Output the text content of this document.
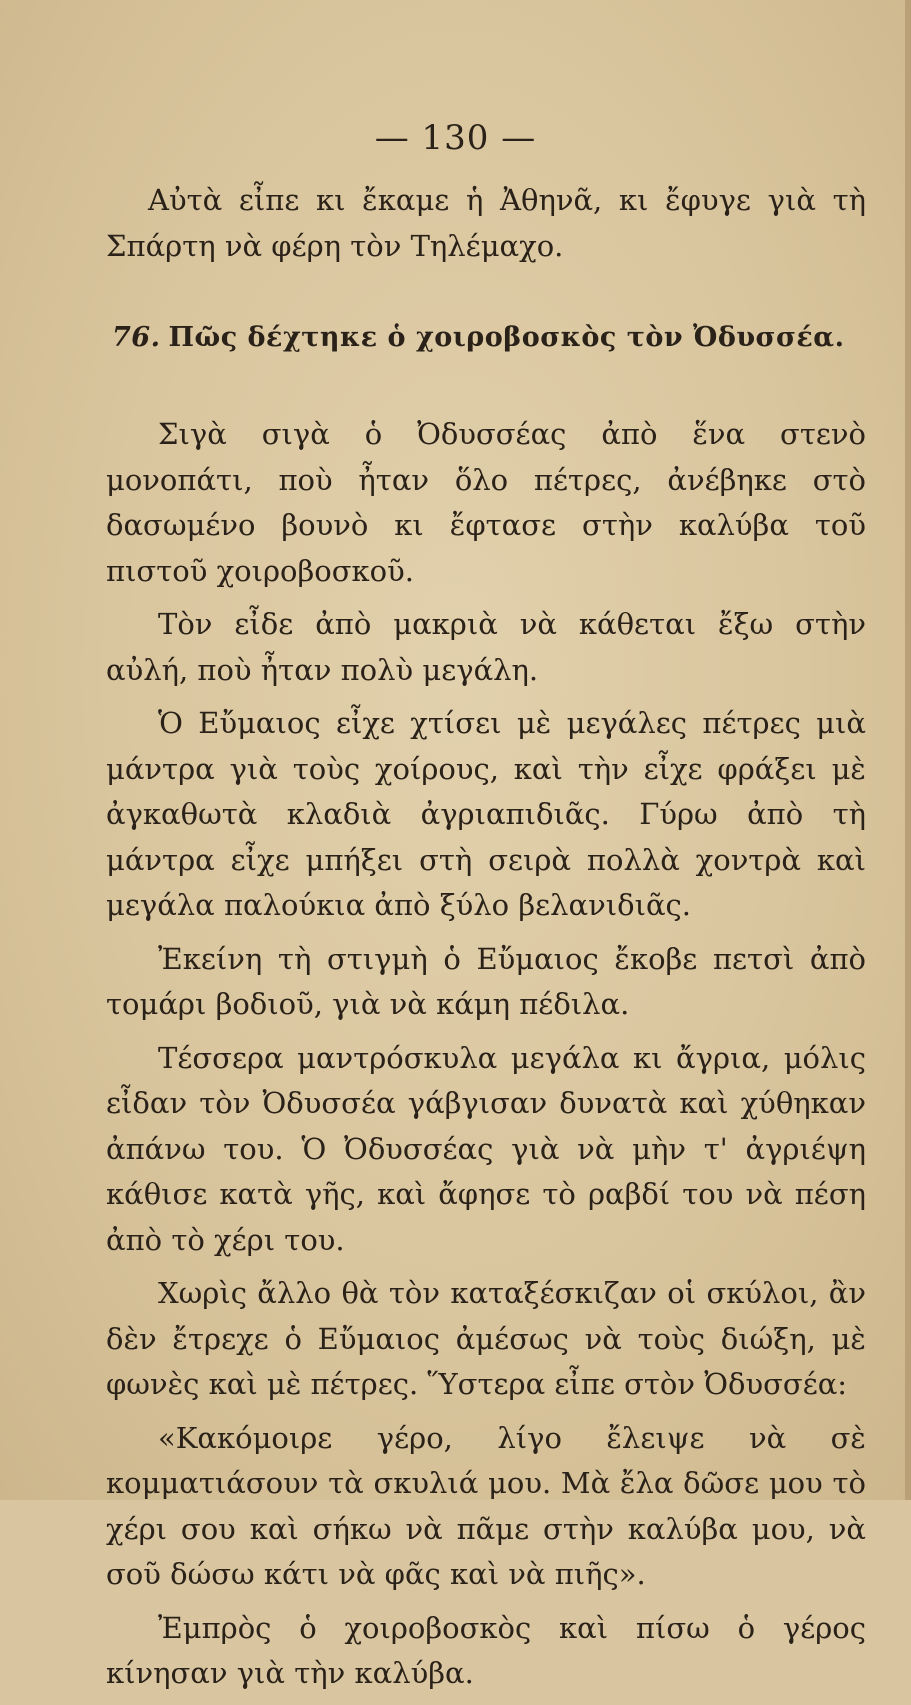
— 130 —
Αὐτὰ εἶπε κι ἔκαμε ἡ Ἀθηνᾶ, κι ἔφυγε γιὰ τὴ Σπάρτη νὰ φέρη τὸν Τηλέμαχο.
76. Πῶς δέχτηκε ὁ χοιροβοσκὸς τὸν Ὀδυσσέα.

Σιγὰ σιγὰ ὁ Ὀδυσσέας ἀπὸ ἕνα στενὸ μονοπάτι, ποὺ ἦταν ὅλο πέτρες, ἀνέβηκε στὸ δασωμένο βουνὸ κι ἔφτασε στὴν καλύβα τοῦ πιστοῦ χοιροβοσκοῦ.

Τὸν εἶδε ἀπὸ μακριὰ νὰ κάθεται ἔξω στὴν αὐλή, ποὺ ἦταν πολὺ μεγάλη.

Ὁ Εὔμαιος εἶχε χτίσει μὲ μεγάλες πέτρες μιὰ μάντρα γιὰ τοὺς χοίρους, καὶ τὴν εἶχε φράξει μὲ ἀγκαθωτὰ κλαδιὰ ἀγριαπιδιᾶς. Γύρω ἀπὸ τὴ μάντρα εἶχε μπήξει στὴ σειρὰ πολλὰ χοντρὰ καὶ μεγάλα παλούκια ἀπὸ ξύλο βελανιδιᾶς.

Ἐκείνη τὴ στιγμὴ ὁ Εὔμαιος ἔκοβε πετσὶ ἀπὸ τομάρι βοδιοῦ, γιὰ νὰ κάμη πέδιλα.

Τέσσερα μαντρόσκυλα μεγάλα κι ἄγρια, μόλις εἶδαν τὸν Ὀδυσσέα γάβγισαν δυνατὰ καὶ χύθηκαν ἀπάνω του. Ὁ Ὀδυσσέας γιὰ νὰ μὴν τ' ἀγριέψη κάθισε κατὰ γῆς, καὶ ἄφησε τὸ ραβδί του νὰ πέση ἀπὸ τὸ χέρι του.

Χωρὶς ἄλλο θὰ τὸν καταξέσκιζαν οἱ σκύλοι, ἂν δὲν ἔτρεχε ὁ Εὔμαιος ἀμέσως νὰ τοὺς διώξη, μὲ φωνὲς καὶ μὲ πέτρες. Ὕστερα εἶπε στὸν Ὀδυσσέα:

«Κακόμοιρε γέρο, λίγο ἔλειψε νὰ σὲ κομματιάσουν τὰ σκυλιά μου. Μὰ ἔλα δῶσε μου τὸ χέρι σου καὶ σήκω νὰ πᾶμε στὴν καλύβα μου, νὰ σοῦ δώσω κάτι νὰ φᾶς καὶ νὰ πιῆς».

Ἐμπρὸς ὁ χοιροβοσκὸς καὶ πίσω ὁ γέρος κίνησαν γιὰ τὴν καλύβα.
